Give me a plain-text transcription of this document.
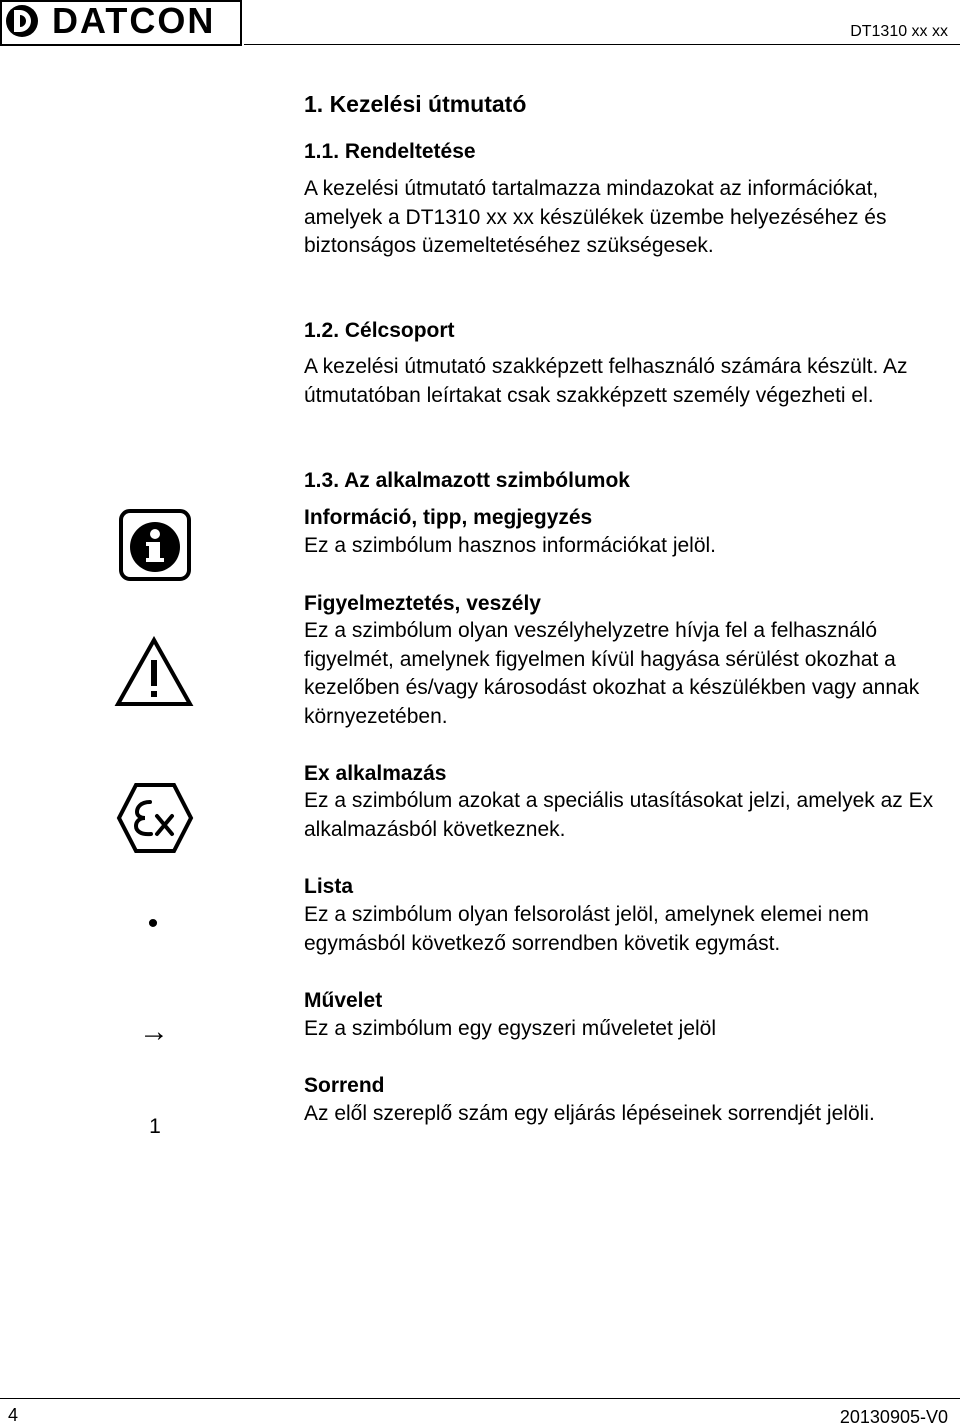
DATCON	DT1310 xx xx
1. Kezelési útmutató
1.1. Rendeltetése
A kezelési útmutató tartalmazza mindazokat az információkat, amelyek a DT1310 xx xx készülékek üzembe helyezéséhez és biztonságos üzemeltetéséhez szükségesek.
1.2. Célcsoport
A kezelési útmutató szakképzett felhasználó számára készült. Az útmutatóban leírtakat csak szakképzett személy végezheti el.
1.3. Az alkalmazott szimbólumok
Információ, tipp, megjegyzés
Ez a szimbólum hasznos információkat jelöl.
Figyelmeztetés, veszély
Ez a szimbólum olyan veszélyhelyzetre hívja fel a felhasználó figyelmét, amelynek figyelmen kívül hagyása sérülést okozhat a kezelőben és/vagy károsodást okozhat a készülékben vagy annak környezetében.
Ex alkalmazás
Ez a szimbólum azokat a speciális utasításokat jelzi, amelyek az Ex alkalmazásból következnek.
•
Lista
Ez a szimbólum olyan felsorolást jelöl, amelynek elemei nem egymásból következő sorrendben követik egymást.
→
Művelet
Ez a szimbólum egy egyszeri műveletet jelöl
1
Sorrend
Az elől szereplő szám egy eljárás lépéseinek sorrendjét jelöli.
4	20130905-V0
